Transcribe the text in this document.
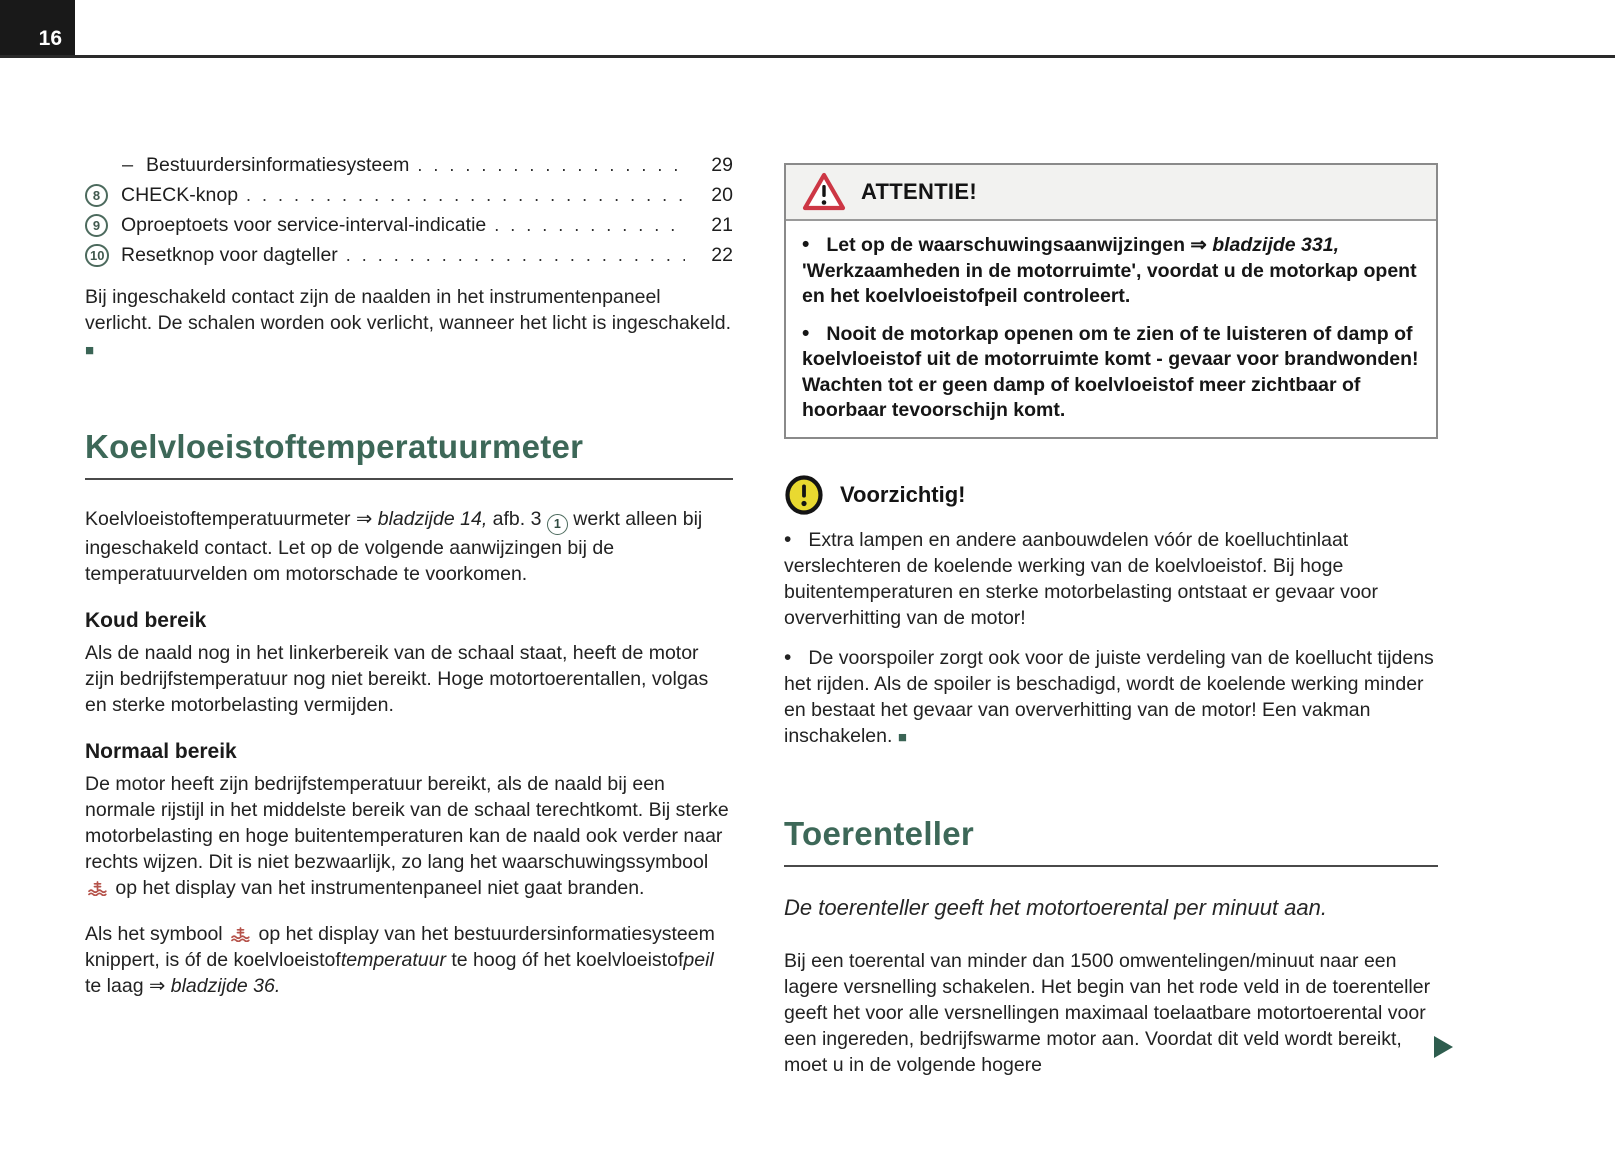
16
– Bestuurdersinformatiesysteem . . .	29
8	CHECK-knop . . .	20
9	Oproeptoets voor service-interval-indicatie . . .	21
10 Resetknop voor dagteller . . .	22

Bij ingeschakeld contact zijn de naalden in het instrumentenpaneel verlicht. De schalen worden ook verlicht, wanneer het licht is ingeschakeld. ■

Koelvloeistoftemperatuurmeter

Koelvloeistoftemperatuurmeter ⇒ bladzijde 14, afb. 3 1 werkt alleen bij ingeschakeld contact. Let op de volgende aanwijzingen bij de temperatuurvelden om motorschade te voorkomen.

Koud bereik

Als de naald nog in het linkerbereik van de schaal staat, heeft de motor zijn bedrijfstemperatuur nog niet bereikt. Hoge motortoerentallen, volgas en sterke motorbelasting vermijden.

Normaal bereik

De motor heeft zijn bedrijfstemperatuur bereikt, als de naald bij een normale rijstijl in het middelste bereik van de schaal terechtkomt. Bij sterke motorbelasting en hoge buitentemperaturen kan de naald ook verder naar rechts wijzen. Dit is niet bezwaarlijk, zo lang het waarschuwingssymbool
op het display van het instrumentenpaneel niet gaat branden.

Als het symbool
op het display van het bestuurdersinformatiesysteem knippert, is óf de koelvloeistoftemperatuur te hoog óf het koelvloeistofpeil te laag ⇒ bladzijde 36.

ATTENTIE!

• Let op de waarschuwingsaanwijzingen ⇒ bladzijde 331, 'Werkzaamheden in de motorruimte', voordat u de motorkap opent en het koelvloeistofpeil controleert.

• Nooit de motorkap openen om te zien of te luisteren of damp of koelvloeistof uit de motorruimte komt - gevaar voor brandwonden! Wachten tot er geen damp of koelvloeistof meer zichtbaar of hoorbaar tevoorschijn komt.

Voorzichtig!

• Extra lampen en andere aanbouwdelen vóór de koelluchtinlaat verslechteren de koelende werking van de koelvloeistof. Bij hoge buitentemperaturen en sterke motorbelasting ontstaat er gevaar voor oververhitting van de motor!

• De voorspoiler zorgt ook voor de juiste verdeling van de koellucht tijdens het rijden. Als de spoiler is beschadigd, wordt de koelende werking minder en bestaat het gevaar van oververhitting van de motor! Een vakman inschakelen. ■

Toerenteller

De toerenteller geeft het motortoerental per minuut aan.

Bij een toerental van minder dan 1500 omwentelingen/minuut naar een lagere versnelling schakelen. Het begin van het rode veld in de toerenteller geeft het voor alle versnellingen maximaal toelaatbare motortoerental voor een ingereden, bedrijfswarme motor aan. Voordat dit veld wordt bereikt, moet u in de volgende hogere
